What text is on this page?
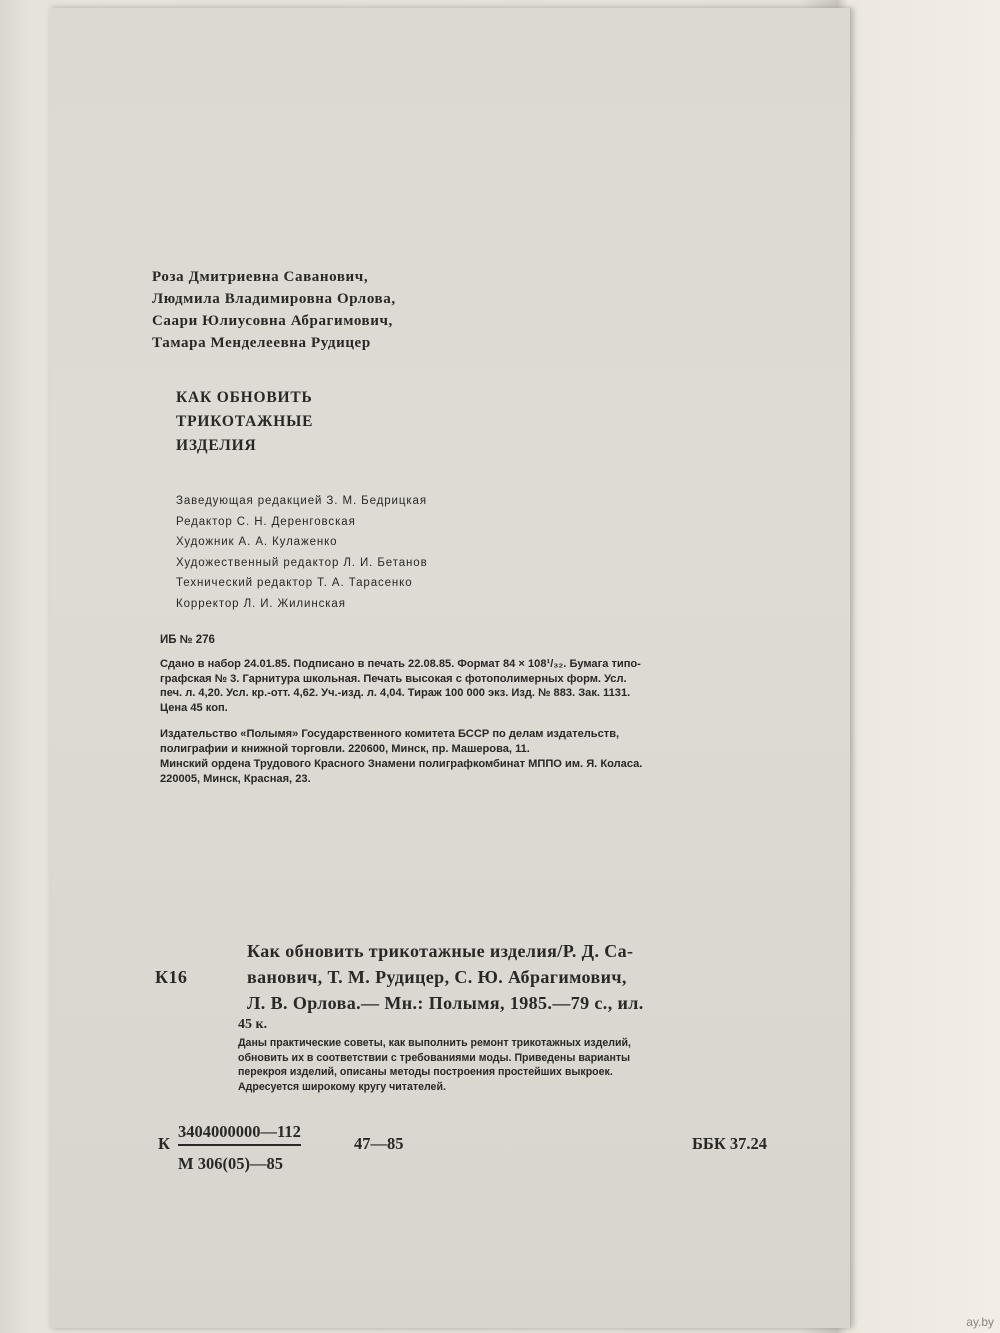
Роза Дмитриевна Саванович,
Людмила Владимировна Орлова,
Саари Юлиусовна Абрагимович,
Тамара Менделеевна Рудицер
КАК ОБНОВИТЬ
ТРИКОТАЖНЫЕ
ИЗДЕЛИЯ
Заведующая редакцией З. М. Бедрицкая
Редактор С. Н. Деренговская
Художник А. А. Кулаженко
Художественный редактор Л. И. Бетанов
Технический редактор Т. А. Тарасенко
Корректор Л. И. Жилинская
ИБ № 276
Сдано в набор 24.01.85. Подписано в печать 22.08.85. Формат 84 × 108¹/₃₂. Бумага типо-
графская № 3. Гарнитура школьная. Печать высокая с фотополимерных форм. Усл.
печ. л. 4,20. Усл. кр.-отт. 4,62. Уч.-изд. л. 4,04. Тираж 100 000 экз. Изд. № 883. Зак. 1131.
Цена 45 коп.
Издательство «Полымя» Государственного комитета БССР по делам издательств,
полиграфии и книжной торговли. 220600, Минск, пр. Машерова, 11.
Минский ордена Трудового Красного Знамени полиграфкомбинат МППО им. Я. Коласа.
220005, Минск, Красная, 23.
Как обновить трикотажные изделия/Р. Д. Са-
К16	ванович, Т. М. Рудицер, С. Ю. Абрагимович,
Л. В. Орлова.— Мн.: Полымя, 1985.—79 с., ил.
45 к.
Даны практические советы, как выполнить ремонт трикотажных изделий,
обновить их в соответствии с требованиями моды. Приведены варианты
перекроя изделий, описаны методы построения простейших выкроек.
Адресуется широкому кругу читателей.
К
3404000000—112
М 306(05)—85
47—85	ББК 37.24
ay.by
